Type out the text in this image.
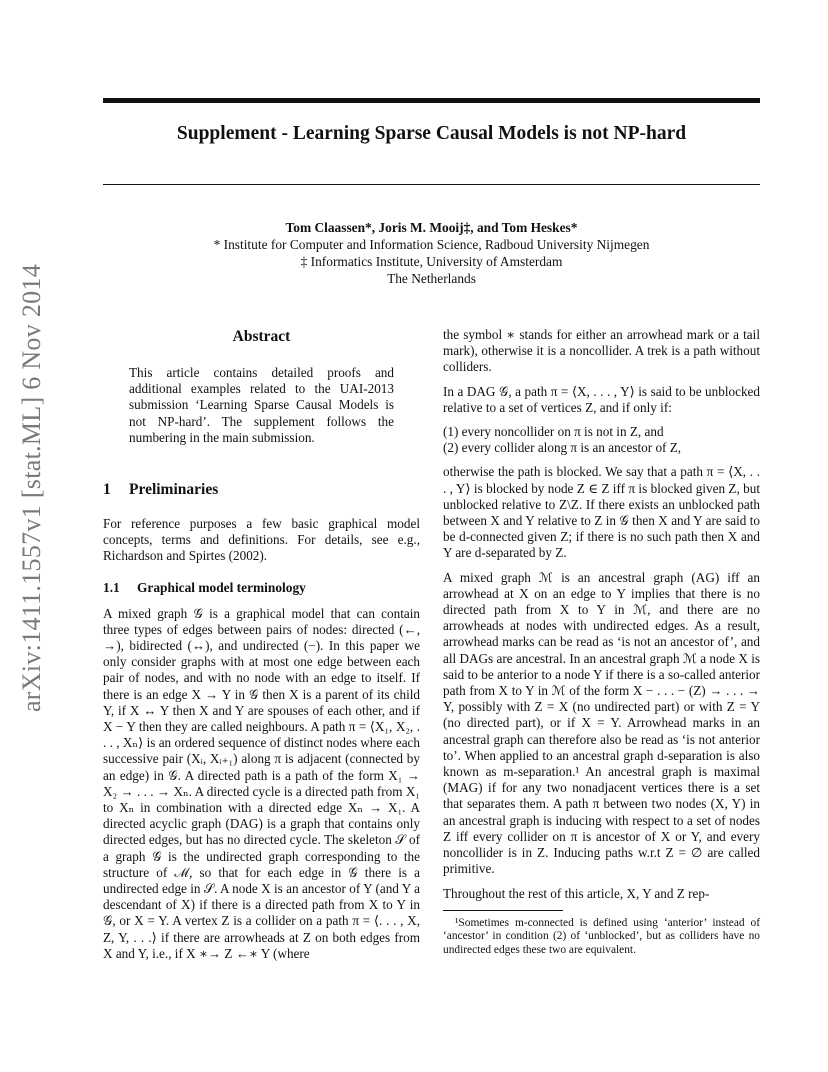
arXiv:1411.1557v1 [stat.ML] 6 Nov 2014
Supplement - Learning Sparse Causal Models is not NP-hard
Tom Claassen*, Joris M. Mooij‡, and Tom Heskes*
* Institute for Computer and Information Science, Radboud University Nijmegen
‡ Informatics Institute, University of Amsterdam
The Netherlands
Abstract

This article contains detailed proofs and additional examples related to the UAI-2013 submission ‘Learning Sparse Causal Models is not NP-hard’. The supplement follows the numbering in the main submission.

1 Preliminaries

For reference purposes a few basic graphical model concepts, terms and definitions. For details, see e.g., Richardson and Spirtes (2002).

1.1 Graphical model terminology

A mixed graph 𝒢 is a graphical model that can contain three types of edges between pairs of nodes: directed (←, →), bidirected (↔), and undirected (−). In this paper we only consider graphs with at most one edge between each pair of nodes, and with no node with an edge to itself. If there is an edge X → Y in 𝒢 then X is a parent of its child Y, if X ↔ Y then X and Y are spouses of each other, and if X − Y then they are called neighbours. A path π = ⟨X₁, X₂, . . . , Xₙ⟩ is an ordered sequence of distinct nodes where each successive pair (Xᵢ, Xᵢ₊₁) along π is adjacent (connected by an edge) in 𝒢. A directed path is a path of the form X₁ → X₂ → . . . → Xₙ. A directed cycle is a directed path from X₁ to Xₙ in combination with a directed edge Xₙ → X₁. A directed acyclic graph (DAG) is a graph that contains only directed edges, but has no directed cycle. The skeleton 𝒮 of a graph 𝒢 is the undirected graph corresponding to the structure of ℳ, so that for each edge in 𝒢 there is a undirected edge in 𝒮. A node X is an ancestor of Y (and Y a descendant of X) if there is a directed path from X to Y in 𝒢, or X = Y. A vertex Z is a collider on a path π = ⟨. . . , X, Z, Y, . . .⟩ if there are arrowheads at Z on both edges from X and Y, i.e., if X ∗→ Z ←∗ Y (where

the symbol ∗ stands for either an arrowhead mark or a tail mark), otherwise it is a noncollider. A trek is a path without colliders.

In a DAG 𝒢, a path π = ⟨X, . . . , Y⟩ is said to be unblocked relative to a set of vertices Z, and if only if:

(1) every noncollider on π is not in Z, and
(2) every collider along π is an ancestor of Z,

otherwise the path is blocked. We say that a path π = ⟨X, . . . , Y⟩ is blocked by node Z ∈ Z iff π is blocked given Z, but unblocked relative to Z\Z. If there exists an unblocked path between X and Y relative to Z in 𝒢 then X and Y are said to be d-connected given Z; if there is no such path then X and Y are d-separated by Z.

A mixed graph ℳ is an ancestral graph (AG) iff an arrowhead at X on an edge to Y implies that there is no directed path from X to Y in ℳ, and there are no arrowheads at nodes with undirected edges. As a result, arrowhead marks can be read as ‘is not an ancestor of’, and all DAGs are ancestral. In an ancestral graph ℳ a node X is said to be anterior to a node Y if there is a so-called anterior path from X to Y in ℳ of the form X − . . . − (Z) → . . . → Y, possibly with Z = X (no undirected part) or with Z = Y (no directed part), or if X = Y. Arrowhead marks in an ancestral graph can therefore also be read as ‘is not anterior to’. When applied to an ancestral graph d-separation is also known as m-separation.¹ An ancestral graph is maximal (MAG) if for any two nonadjacent vertices there is a set that separates them. A path π between two nodes (X, Y) in an ancestral graph is inducing with respect to a set of nodes Z iff every collider on π is ancestor of X or Y, and every noncollider is in Z. Inducing paths w.r.t Z = ∅ are called primitive.

Throughout the rest of this article, X, Y and Z rep-

¹Sometimes m-connected is defined using ‘anterior’ instead of ‘ancestor’ in condition (2) of ‘unblocked’, but as colliders have no undirected edges these two are equivalent.
